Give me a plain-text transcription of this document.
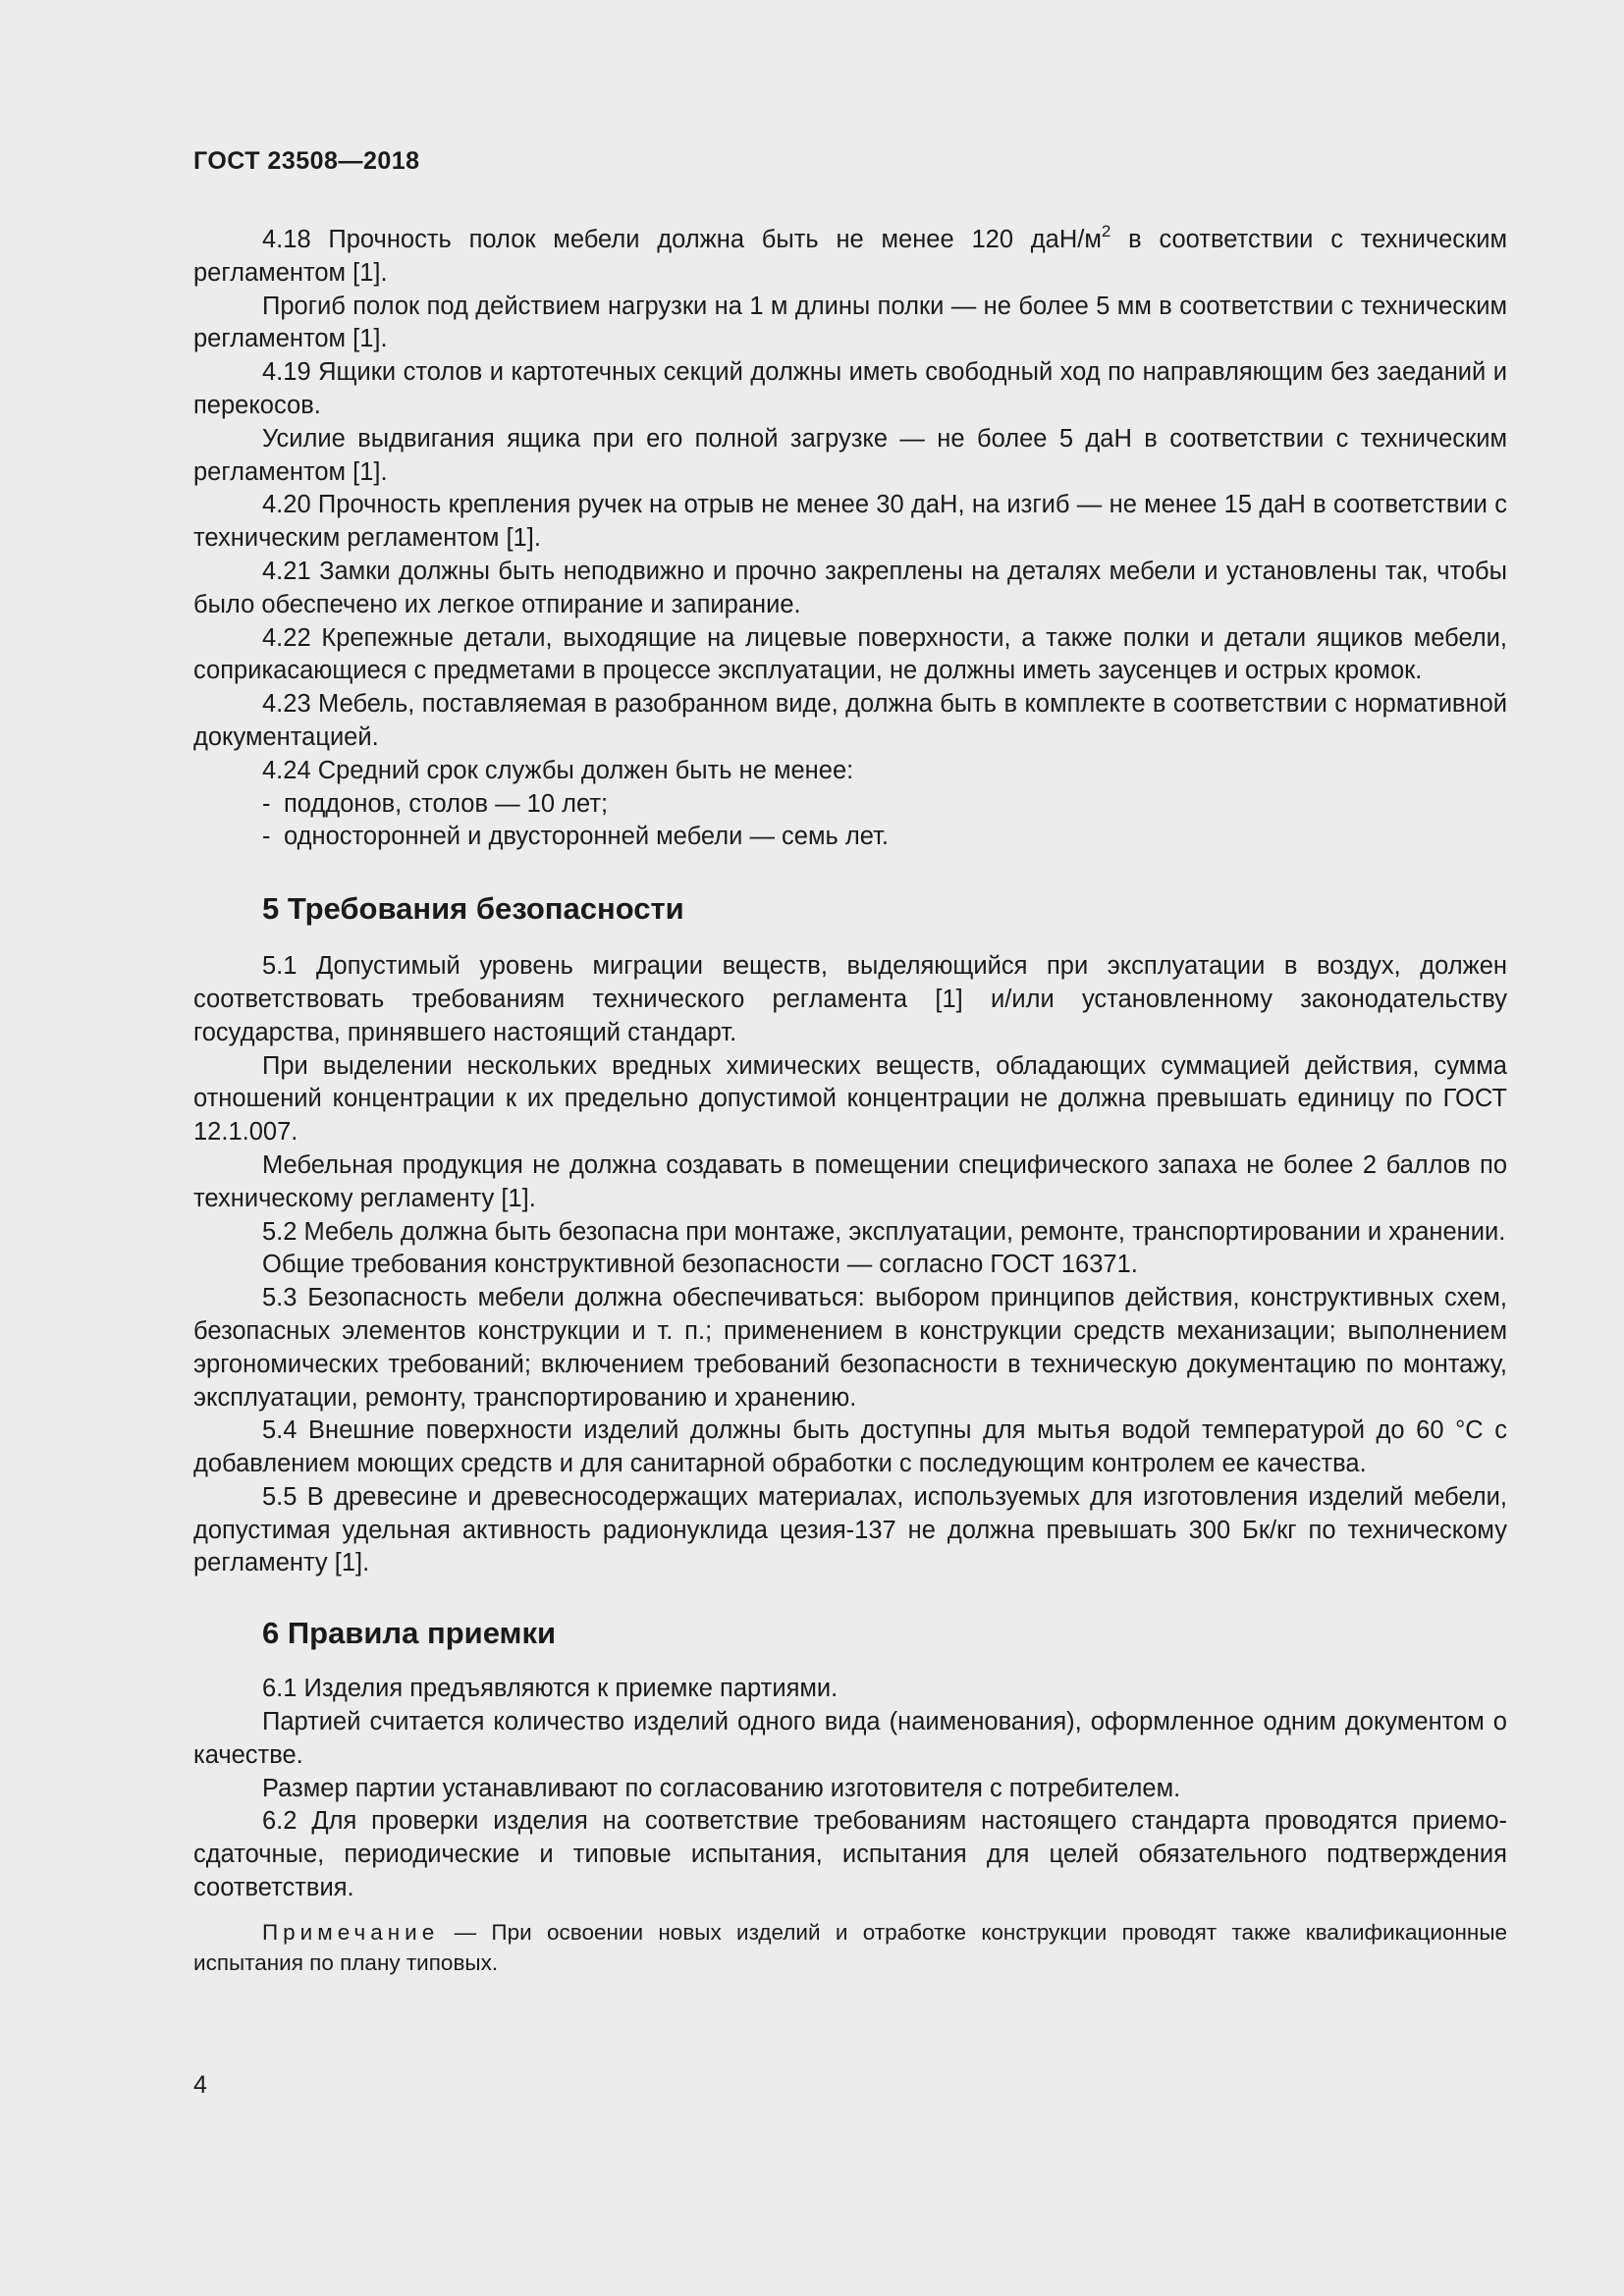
ГОСТ 23508—2018

4.18 Прочность полок мебели должна быть не менее 120 даН/$м^2$ в соответствии с техническим регламентом [1].

Прогиб полок под действием нагрузки на 1 м длины полки — не более 5 мм в соответствии с техническим регламентом [1].

4.19 Ящики столов и картотечных секций должны иметь свободный ход по направляющим без заеданий и перекосов.

Усилие выдвигания ящика при его полной загрузке — не более 5 даН в соответствии с техническим регламентом [1].

4.20 Прочность крепления ручек на отрыв не менее 30 даН, на изгиб — не менее 15 даН в соответствии с техническим регламентом [1].

4.21 Замки должны быть неподвижно и прочно закреплены на деталях мебели и установлены так, чтобы было обеспечено их легкое отпирание и запирание.

4.22 Крепежные детали, выходящие на лицевые поверхности, а также полки и детали ящиков мебели, соприкасающиеся с предметами в процессе эксплуатации, не должны иметь заусенцев и острых кромок.

4.23 Мебель, поставляемая в разобранном виде, должна быть в комплекте в соответствии с нормативной документацией.

4.24 Средний срок службы должен быть не менее:

- поддонов, столов — 10 лет;

- односторонней и двусторонней мебели — семь лет.

5 Требования безопасности

5.1 Допустимый уровень миграции веществ, выделяющийся при эксплуатации в воздух, должен соответствовать требованиям технического регламента [1] и/или установленному законодательству государства, принявшего настоящий стандарт.

При выделении нескольких вредных химических веществ, обладающих суммацией действия, сумма отношений концентрации к их предельно допустимой концентрации не должна превышать единицу по ГОСТ 12.1.007.

Мебельная продукция не должна создавать в помещении специфического запаха не более 2 баллов по техническому регламенту [1].

5.2 Мебель должна быть безопасна при монтаже, эксплуатации, ремонте, транспортировании и хранении.

Общие требования конструктивной безопасности — согласно ГОСТ 16371.

5.3 Безопасность мебели должна обеспечиваться: выбором принципов действия, конструктивных схем, безопасных элементов конструкции и т. п.; применением в конструкции средств механизации; выполнением эргономических требований; включением требований безопасности в техническую документацию по монтажу, эксплуатации, ремонту, транспортированию и хранению.

5.4 Внешние поверхности изделий должны быть доступны для мытья водой температурой до 60 °С с добавлением моющих средств и для санитарной обработки с последующим контролем ее качества.

5.5 В древесине и древесносодержащих материалах, используемых для изготовления изделий мебели, допустимая удельная активность радионуклида цезия-137 не должна превышать 300 Бк/кг по техническому регламенту [1].

6 Правила приемки

6.1 Изделия предъявляются к приемке партиями.

Партией считается количество изделий одного вида (наименования), оформленное одним документом о качестве.

Размер партии устанавливают по согласованию изготовителя с потребителем.

6.2 Для проверки изделия на соответствие требованиям настоящего стандарта проводятся приемо-сдаточные, периодические и типовые испытания, испытания для целей обязательного подтверждения соответствия.

Примечание — При освоении новых изделий и отработке конструкции проводят также квалификационные испытания по плану типовых.

4
